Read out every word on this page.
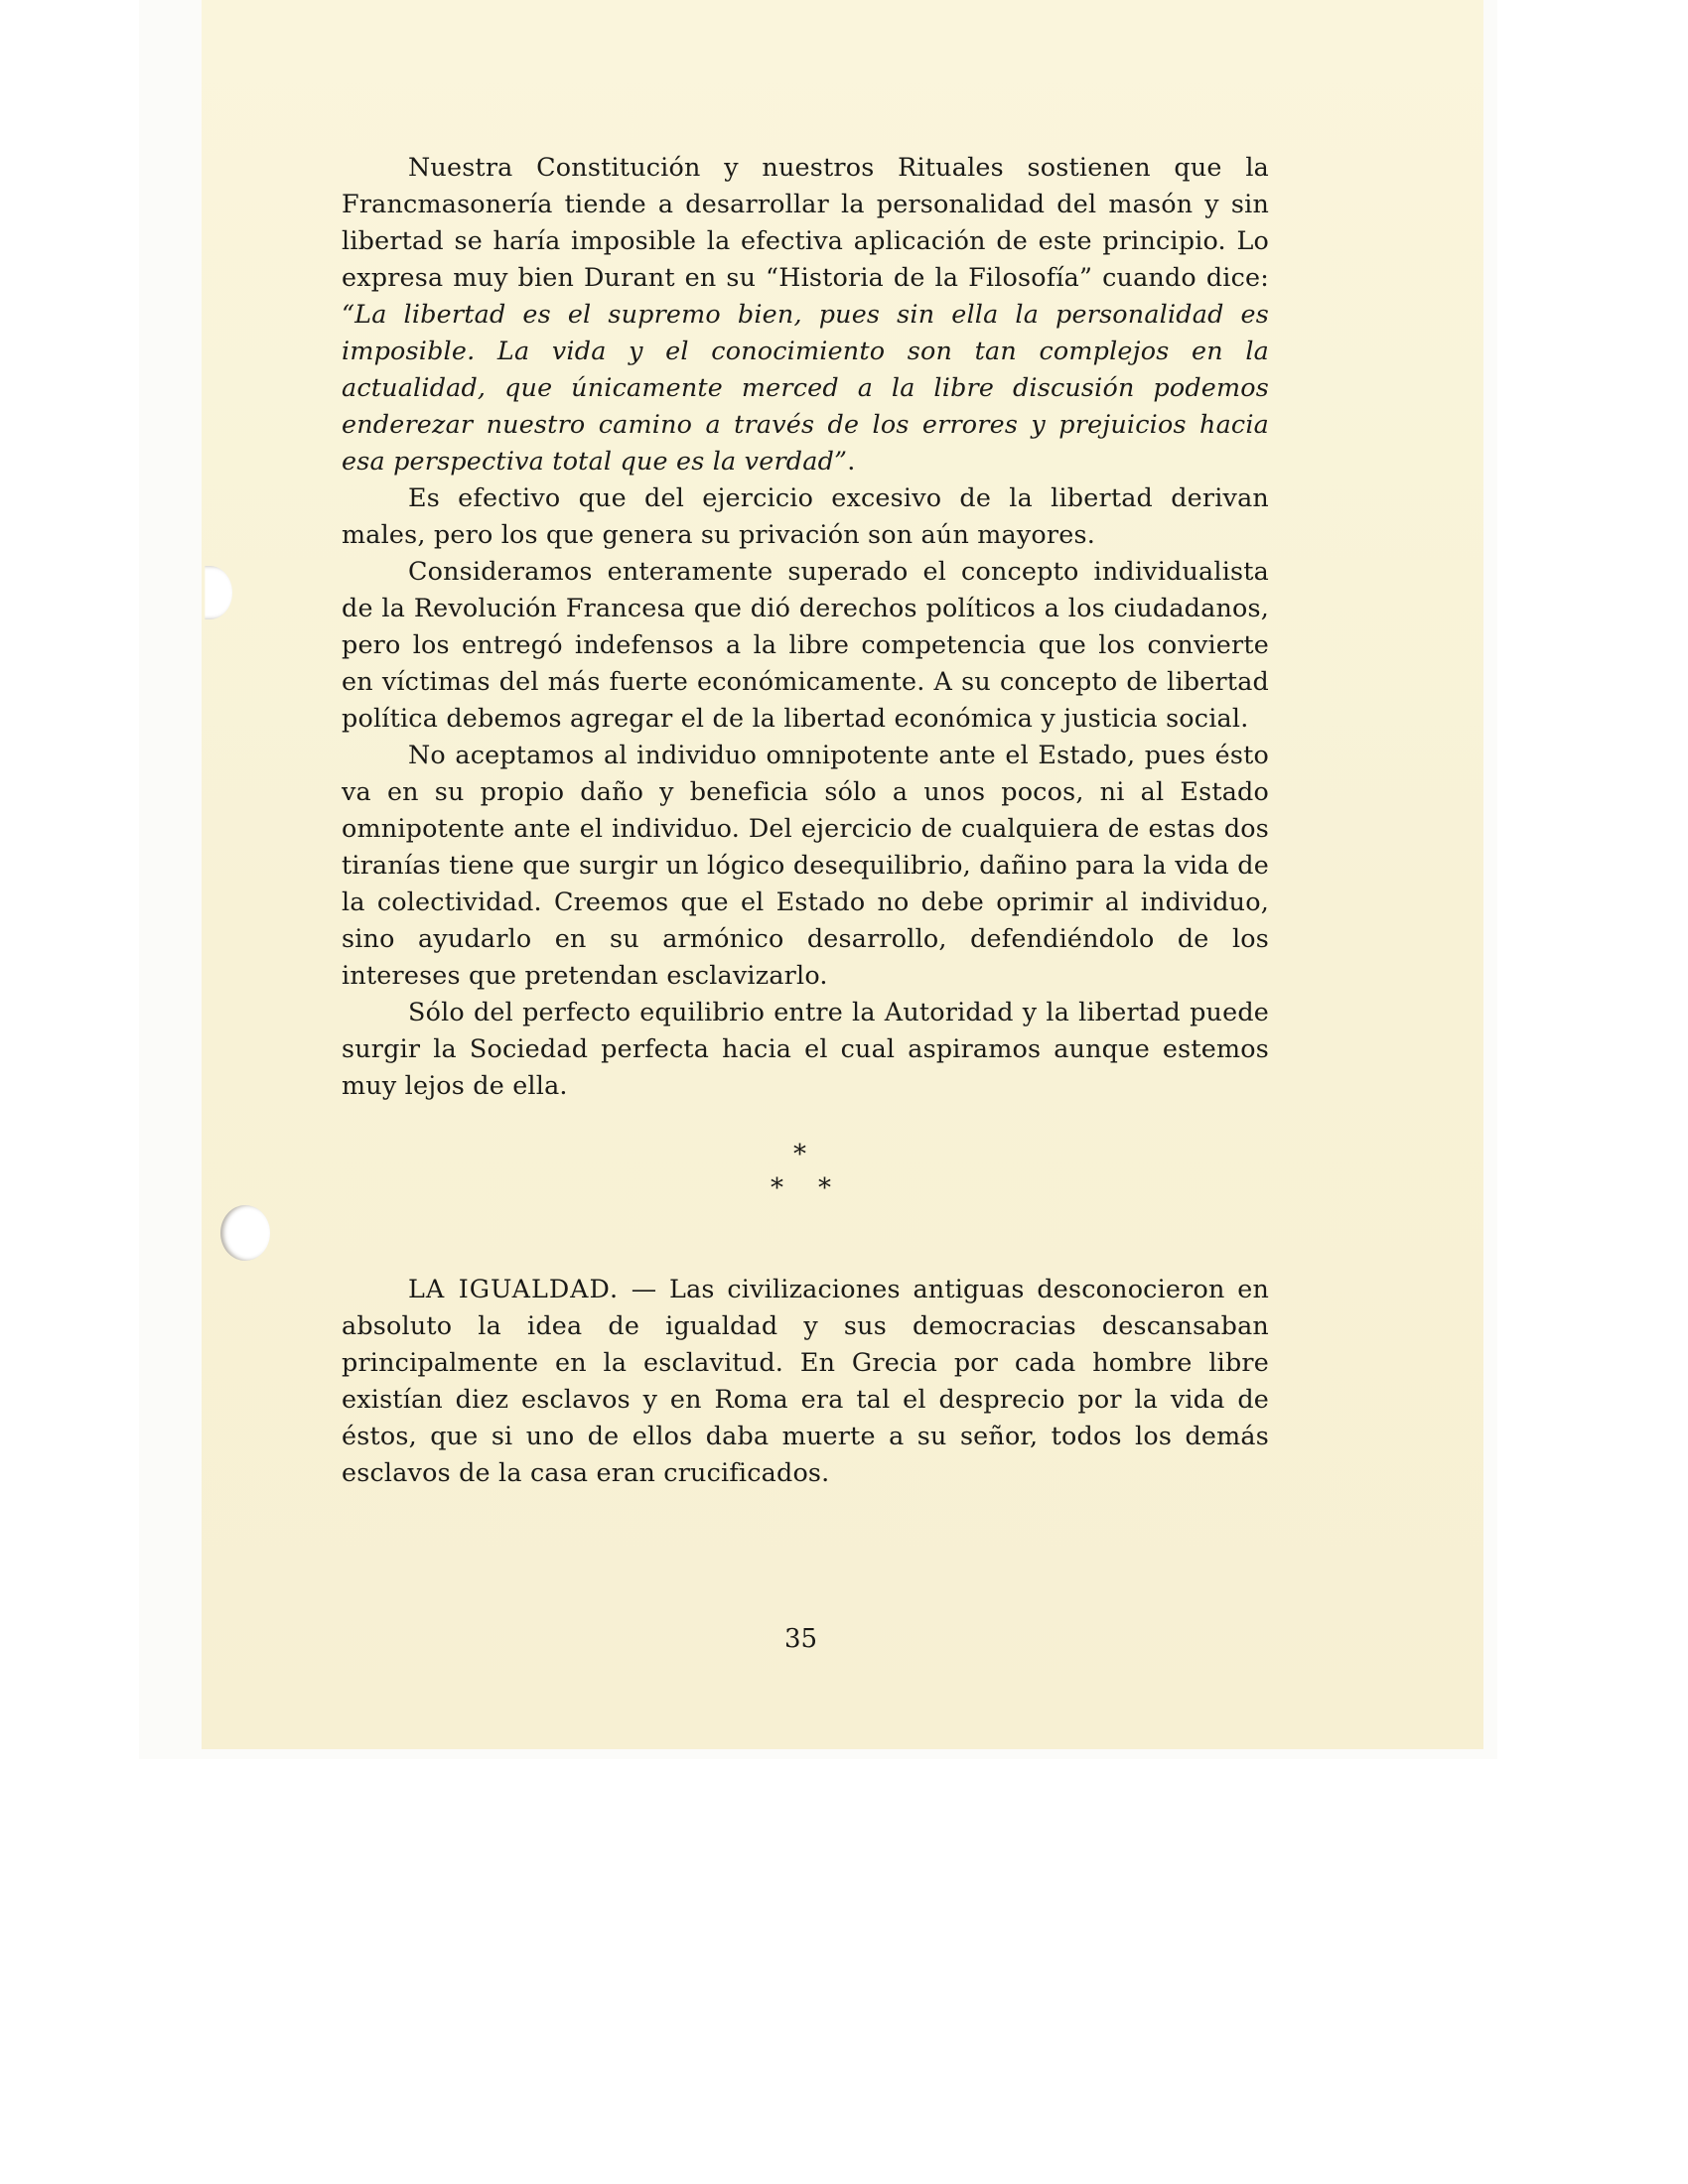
Nuestra Constitución y nuestros Rituales sostienen que la Francmasonería tiende a desarrollar la personalidad del masón y sin libertad se haría imposible la efectiva aplicación de este principio. Lo expresa muy bien Durant en su “Historia de la Filosofía” cuando dice: “La libertad es el supremo bien, pues sin ella la personalidad es imposible. La vida y el conocimiento son tan complejos en la actualidad, que únicamente merced a la libre discusión podemos enderezar nuestro camino a través de los errores y prejuicios hacia esa perspectiva total que es la verdad”.

Es efectivo que del ejercicio excesivo de la libertad derivan males, pero los que genera su privación son aún mayores.

Consideramos enteramente superado el concepto individualista de la Revolución Francesa que dió derechos políticos a los ciudadanos, pero los entregó indefensos a la libre competencia que los convierte en víctimas del más fuerte económicamente. A su concepto de libertad política debemos agregar el de la libertad económica y justicia social.

No aceptamos al individuo omnipotente ante el Estado, pues ésto va en su propio daño y beneficia sólo a unos pocos, ni al Estado omnipotente ante el individuo. Del ejercicio de cualquiera de estas dos tiranías tiene que surgir un lógico desequilibrio, dañino para la vida de la colectividad. Creemos que el Estado no debe oprimir al individuo, sino ayudarlo en su armónico desarrollo, defendiéndolo de los intereses que pretendan esclavizarlo.

Sólo del perfecto equilibrio entre la Autoridad y la libertad puede surgir la Sociedad perfecta hacia el cual aspiramos aunque estemos muy lejos de ella.

*
* *

LA IGUALDAD. — Las civilizaciones antiguas desconocieron en absoluto la idea de igualdad y sus democracias descansaban principalmente en la esclavitud. En Grecia por cada hombre libre existían diez esclavos y en Roma era tal el desprecio por la vida de éstos, que si uno de ellos daba muerte a su señor, todos los demás esclavos de la casa eran crucificados.

35
